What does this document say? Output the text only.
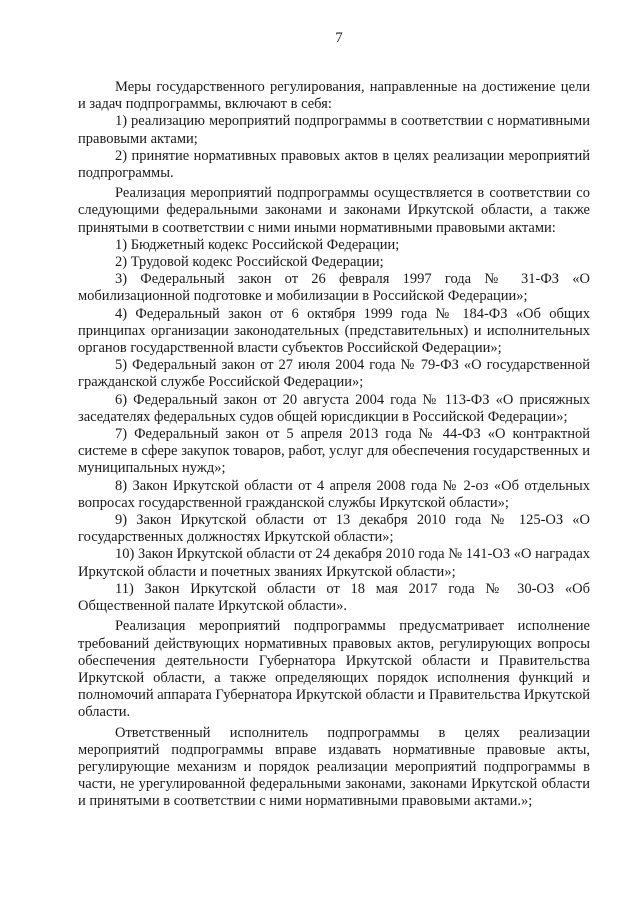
7

Меры государственного регулирования, направленные на достижение цели и задач подпрограммы, включают в себя:

1) реализацию мероприятий подпрограммы в соответствии с нормативными правовыми актами;

2) принятие нормативных правовых актов в целях реализации мероприятий подпрограммы.

Реализация мероприятий подпрограммы осуществляется в соответствии со следующими федеральными законами и законами Иркутской области, а также принятыми в соответствии с ними иными нормативными правовыми актами:

1) Бюджетный кодекс Российской Федерации;

2) Трудовой кодекс Российской Федерации;

3) Федеральный закон от 26 февраля 1997 года № 31-ФЗ «О мобилизационной подготовке и мобилизации в Российской Федерации»;

4) Федеральный закон от 6 октября 1999 года № 184-ФЗ «Об общих принципах организации законодательных (представительных) и исполнительных органов государственной власти субъектов Российской Федерации»;

5) Федеральный закон от 27 июля 2004 года № 79-ФЗ «О государственной гражданской службе Российской Федерации»;

6) Федеральный закон от 20 августа 2004 года № 113-ФЗ «О присяжных заседателях федеральных судов общей юрисдикции в Российской Федерации»;

7) Федеральный закон от 5 апреля 2013 года № 44-ФЗ «О контрактной системе в сфере закупок товаров, работ, услуг для обеспечения государственных и муниципальных нужд»;

8) Закон Иркутской области от 4 апреля 2008 года № 2-оз «Об отдельных вопросах государственной гражданской службы Иркутской области»;

9) Закон Иркутской области от 13 декабря 2010 года № 125-ОЗ «О государственных должностях Иркутской области»;

10) Закон Иркутской области от 24 декабря 2010 года № 141-ОЗ «О наградах Иркутской области и почетных званиях Иркутской области»;

11) Закон Иркутской области от 18 мая 2017 года № 30-ОЗ «Об Общественной палате Иркутской области».

Реализация мероприятий подпрограммы предусматривает исполнение требований действующих нормативных правовых актов, регулирующих вопросы обеспечения деятельности Губернатора Иркутской области и Правительства Иркутской области, а также определяющих порядок исполнения функций и полномочий аппарата Губернатора Иркутской области и Правительства Иркутской области.

Ответственный исполнитель подпрограммы в целях реализации мероприятий подпрограммы вправе издавать нормативные правовые акты, регулирующие механизм и порядок реализации мероприятий подпрограммы в части, не урегулированной федеральными законами, законами Иркутской области и принятыми в соответствии с ними нормативными правовыми актами.»;
